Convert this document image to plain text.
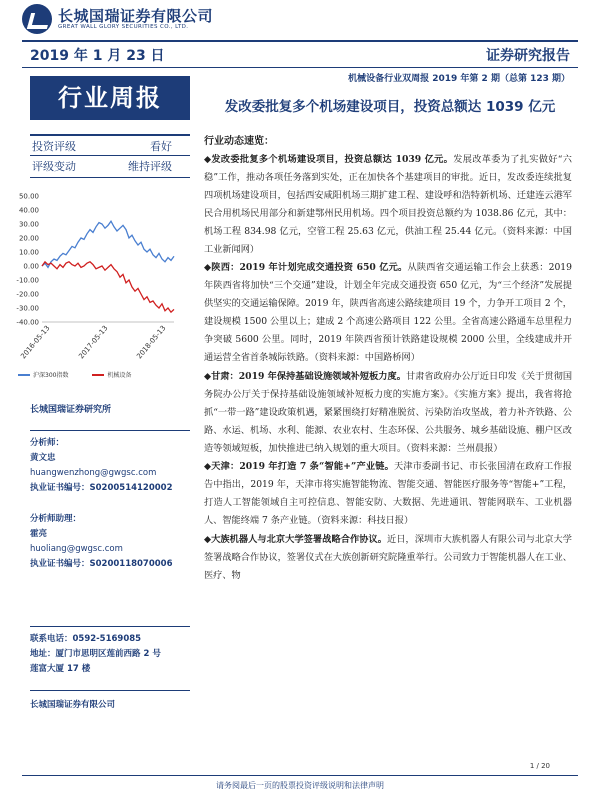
长城国瑞证券有限公司
GREAT WALL GLORY SECURITIES CO., LTD.
2019 年 1 月 23 日	证券研究报告
行业周报
机械设备行业双周报 2019 年第 2 期（总第 123 期）
发改委批复多个机场建设项目，投资总额达 1039 亿元
投资评级	看好
评级变动	维持评级
50.00
40.00
30.00
20.00
10.00
0.00
-10.00
-20.00
-30.00
-40.00
2016-05-13	2017-05-13	2018-05-13
沪深300指数	机械设备
长城国瑞证券研究所
分析师：
黄文忠
huangwenzhong@gwgsc.com
执业证书编号：S0200514120002
分析师助理：
霍亮
huoliang@gwgsc.com
执业证书编号：S0200118070006
联系电话：0592-5169085
地址：厦门市思明区莲前西路 2 号
莲富大厦 17 楼
长城国瑞证券有限公司
行业动态速览：
◆发改委批复多个机场建设项目，投资总额达 1039 亿元。发展改革委为了扎实做好“六稳”工作，推动各项任务落到实处，正在加快各个基建项目的审批。近日，发改委连续批复四项机场建设项目，包括西安咸阳机场三期扩建工程、建设呼和浩特新机场、迁建连云港军民合用机场民用部分和新建鄂州民用机场。四个项目投资总额约为 1038.86 亿元，其中：机场工程 834.98 亿元，空管工程 25.63 亿元，供油工程 25.44 亿元。（资料来源：中国工业新闻网）
◆陕西：2019 年计划完成交通投资 650 亿元。从陕西省交通运输工作会上获悉：2019 年陕西省将加快“三个交通”建设，计划全年完成交通投资 650 亿元，为“三个经济”发展提供坚实的交通运输保障。2019 年，陕西省高速公路续建项目 19 个，力争开工项目 2 个，建设规模 1500 公里以上；建成 2 个高速公路项目 122 公里。全省高速公路通车总里程力争突破 5600 公里。同时，2019 年陕西省预计铁路建设规模 2000 公里，全线建成并开通运营全省首条城际铁路。（资料来源：中国路桥网）
◆甘肃：2019 年保持基础设施领域补短板力度。甘肃省政府办公厅近日印发《关于贯彻国务院办公厅关于保持基础设施领域补短板力度的实施方案》。《实施方案》提出，我省将抢抓“一带一路”建设政策机遇，紧紧围绕打好精准脱贫、污染防治攻坚战，着力补齐铁路、公路、水运、机场、水利、能源、农业农村、生态环保、公共服务、城乡基础设施、棚户区改造等领域短板，加快推进已纳入规划的重大项目。（资料来源：兰州晨报）
◆天津：2019 年打造 7 条“智能+”产业链。天津市委副书记、市长张国清在政府工作报告中指出，2019 年，天津市将实施智能物流、智能交通、智能医疗服务等“智能+”工程，打造人工智能领域自主可控信息、智能安防、大数据、先进通讯、智能网联车、工业机器人、智能终端 7 条产业链。（资料来源：科技日报）
◆大族机器人与北京大学签署战略合作协议。近日，深圳市大族机器人有限公司与北京大学签署战略合作协议，签署仪式在大族创新研究院隆重举行。公司致力于智能机器人在工业、医疗、物
1 / 20
请务阅最后一页的股票投资评级说明和法律声明
